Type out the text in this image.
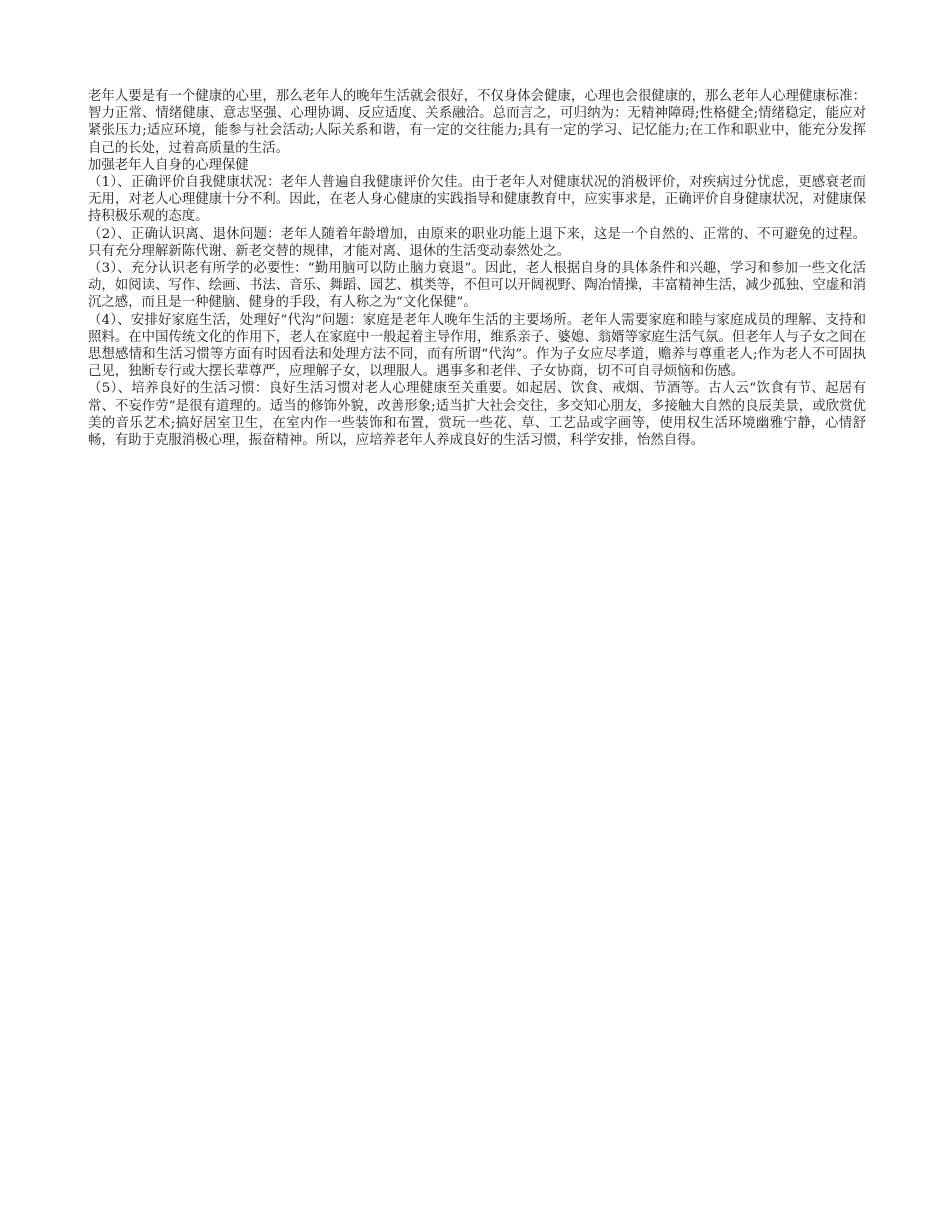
老年人要是有一个健康的心里，那么老年人的晚年生活就会很好，不仅身体会健康，心理也会很健康的，那么老年人心理健康标准：智力正常、情绪健康、意志坚强、心理协调、反应适度、关系融洽。总而言之，可归纳为：无精神障碍;性格健全;情绪稳定，能应对紧张压力;适应环境，能参与社会活动;人际关系和谐，有一定的交往能力;具有一定的学习、记忆能力;在工作和职业中，能充分发挥自己的长处，过着高质量的生活。

加强老年人自身的心理保健

（1）、正确评价自我健康状况：老年人普遍自我健康评价欠佳。由于老年人对健康状况的消极评价，对疾病过分忧虑，更感衰老而无用，对老人心理健康十分不利。因此，在老人身心健康的实践指导和健康教育中，应实事求是，正确评价自身健康状况，对健康保持积极乐观的态度。

（2）、正确认识离、退休问题：老年人随着年龄增加，由原来的职业功能上退下来，这是一个自然的、正常的、不可避免的过程。只有充分理解新陈代谢、新老交替的规律，才能对离、退休的生活变动泰然处之。

（3）、充分认识老有所学的必要性：“勤用脑可以防止脑力衰退”。因此，老人根据自身的具体条件和兴趣，学习和参加一些文化活动，如阅读、写作、绘画、书法、音乐、舞蹈、园艺、棋类等，不但可以开阔视野、陶冶情操，丰富精神生活，减少孤独、空虚和消沉之感，而且是一种健脑、健身的手段，有人称之为“文化保健”。

（4）、安排好家庭生活，处理好“代沟”问题：家庭是老年人晚年生活的主要场所。老年人需要家庭和睦与家庭成员的理解、支持和照料。在中国传统文化的作用下，老人在家庭中一般起着主导作用，维系亲子、婆媳、翁婿等家庭生活气氛。但老年人与子女之间在思想感情和生活习惯等方面有时因看法和处理方法不同，而有所谓“代沟”。作为子女应尽孝道，赡养与尊重老人;作为老人不可固执己见，独断专行或大摆长辈尊严，应理解子女，以理服人。遇事多和老伴、子女协商，切不可自寻烦恼和伤感。

（5）、培养良好的生活习惯：良好生活习惯对老人心理健康至关重要。如起居、饮食、戒烟、节酒等。古人云“饮食有节、起居有常、不妄作劳”是很有道理的。适当的修饰外貌，改善形象;适当扩大社会交往，多交知心朋友，多接触大自然的良辰美景，或欣赏优美的音乐艺术;搞好居室卫生，在室内作一些装饰和布置，赏玩一些花、草、工艺品或字画等，使用权生活环境幽雅宁静，心情舒畅，有助于克服消极心理，振奋精神。所以，应培养老年人养成良好的生活习惯，科学安排，怡然自得。
